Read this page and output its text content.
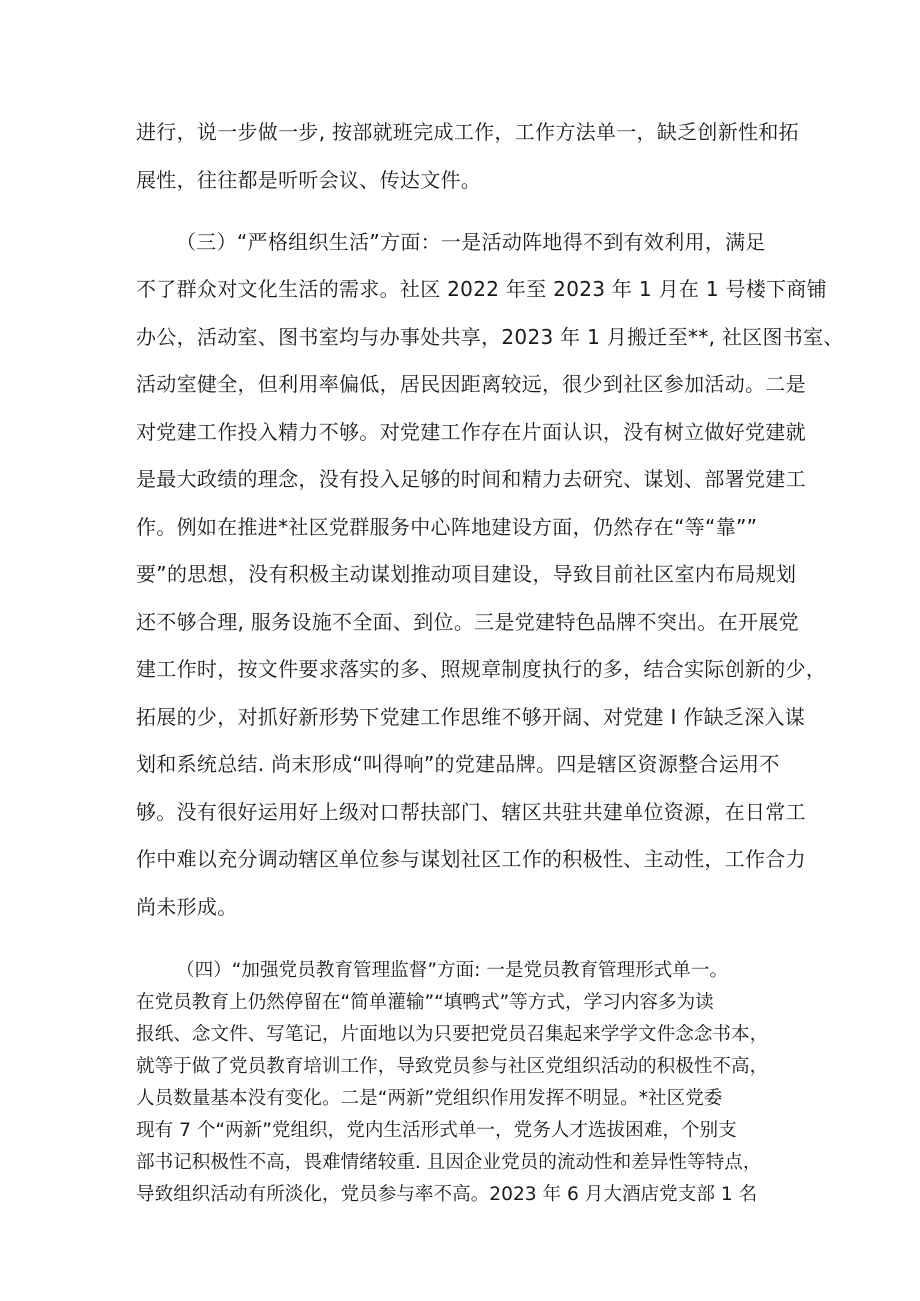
进行，说一步做一步, 按部就班完成工作，工作方法单一，缺乏创新性和拓
展性，往往都是听听会议、传达文件。
（三）“严格组织生活”方面：一是活动阵地得不到有效利用，满足
不了群众对文化生活的需求。社区 2022 年至 2023 年 1 月在 1 号楼下商铺
办公，活动室、图书室均与办事处共享，2023 年 1 月搬迁至**, 社区图书室、
活动室健全，但利用率偏低，居民因距离较远，很少到社区参加活动。二是
对党建工作投入精力不够。对党建工作存在片面认识，没有树立做好党建就
是最大政绩的理念，没有投入足够的时间和精力去研究、谋划、部署党建工
作。例如在推进*社区党群服务中心阵地建设方面，仍然存在“等“靠””
要”的思想，没有积极主动谋划推动项目建设，导致目前社区室内布局规划
还不够合理, 服务设施不全面、到位。三是党建特色品牌不突出。在开展党
建工作时，按文件要求落实的多、照规章制度执行的多，结合实际创新的少，
拓展的少，对抓好新形势下党建工作思维不够开阔、对党建 I 作缺乏深入谋
划和系统总结. 尚末形成“叫得响”的党建品牌。四是辖区资源整合运用不
够。没有很好运用好上级对口帮扶部门、辖区共驻共建单位资源，在日常工
作中难以充分调动辖区单位参与谋划社区工作的积极性、主动性，工作合力
尚未形成。
（四）“加强党员教育管理监督”方面: 一是党员教育管理形式单一。
在党员教育上仍然停留在“简单灌输”“填鸭式”等方式，学习内容多为读
报纸、念文件、写笔记，片面地以为只要把党员召集起来学学文件念念书本，
就等于做了党员教育培训工作，导致党员参与社区党组织活动的积极性不高，
人员数量基本没有变化。二是“两新”党组织作用发挥不明显。*社区党委
现有 7 个“两新”党组织，党内生活形式单一，党务人才选拔困难，个别支
部书记积极性不高，畏难情绪较重. 且因企业党员的流动性和差异性等特点，
导致组织活动有所淡化，党员参与率不高。2023 年 6 月大酒店党支部 1 名
